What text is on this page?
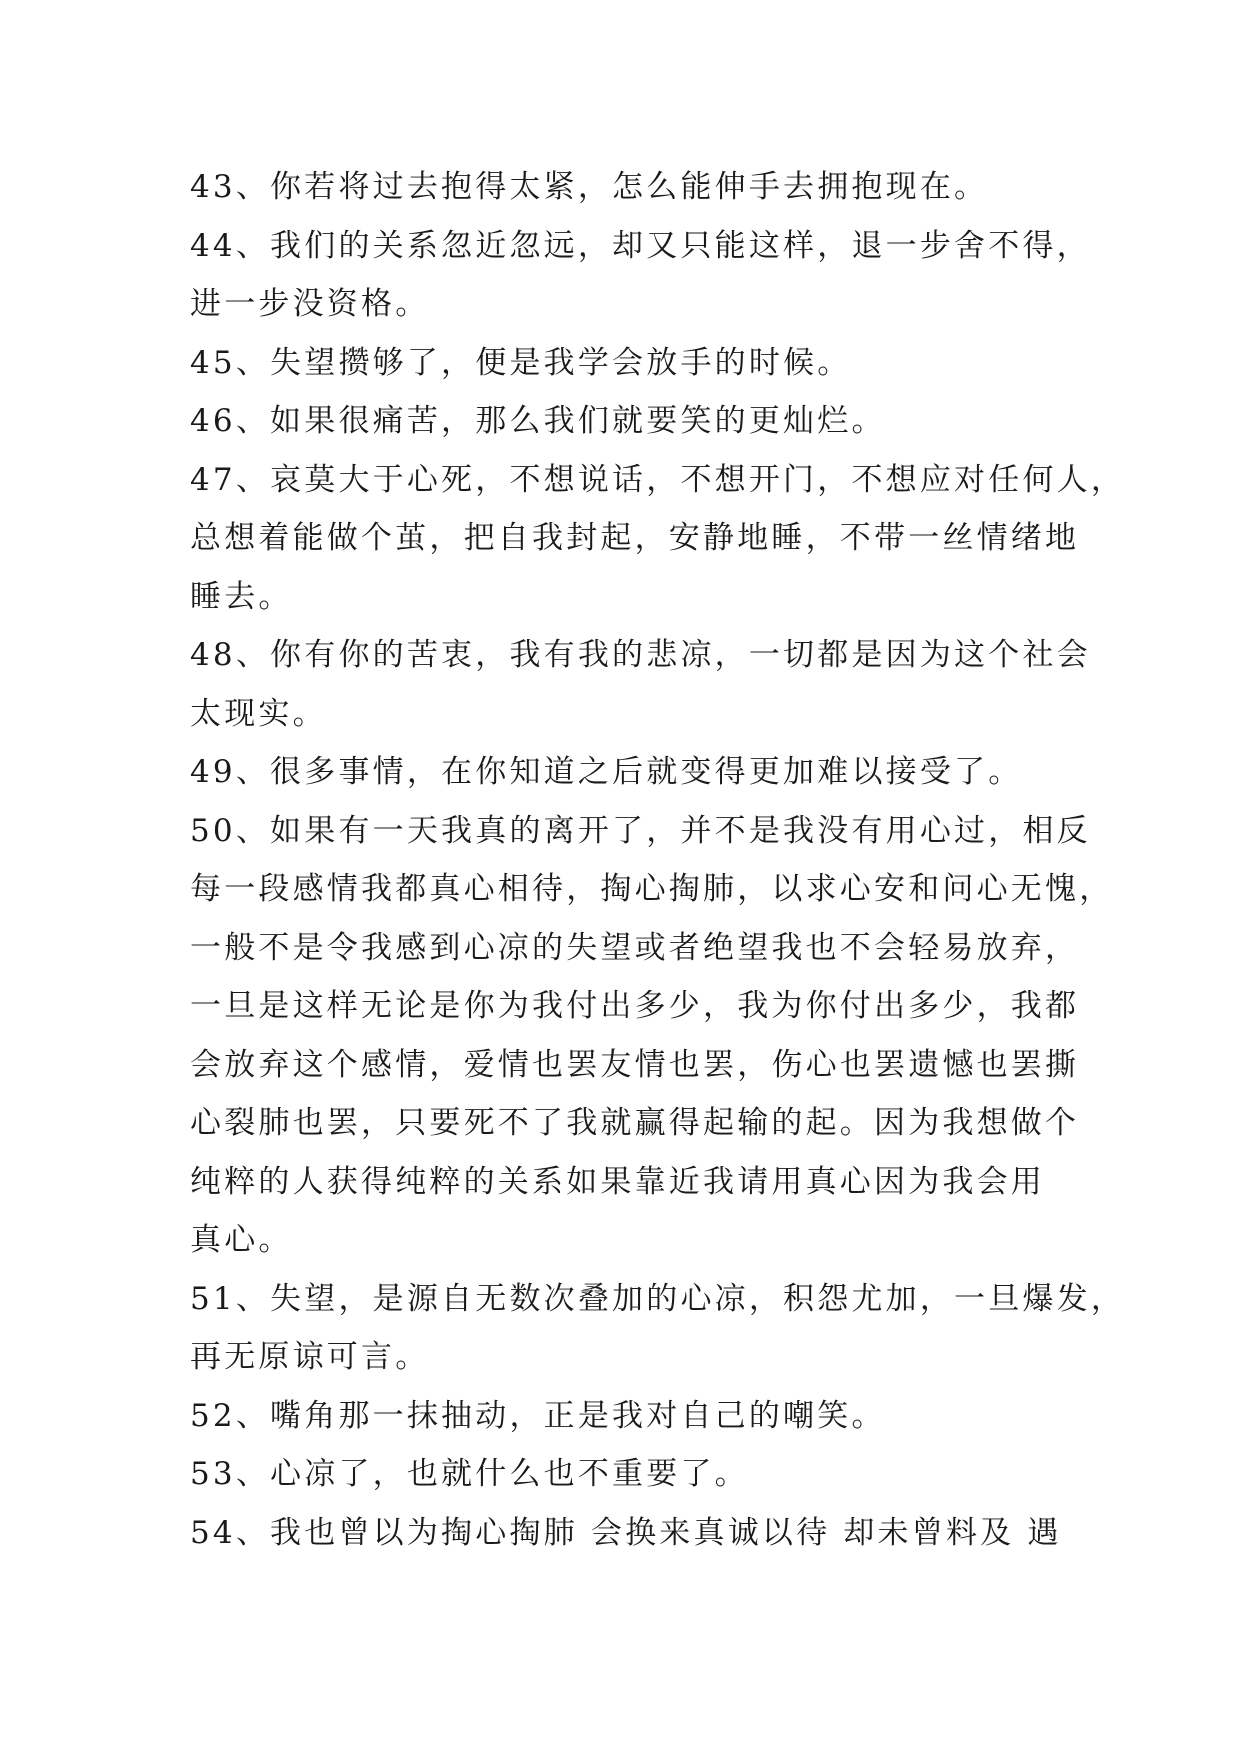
43、你若将过去抱得太紧，怎么能伸手去拥抱现在。
44、我们的关系忽近忽远，却又只能这样，退一步舍不得，
进一步没资格。
45、失望攒够了，便是我学会放手的时候。
46、如果很痛苦，那么我们就要笑的更灿烂。
47、哀莫大于心死，不想说话，不想开门，不想应对任何人，
总想着能做个茧，把自我封起，安静地睡，不带一丝情绪地
睡去。
48、你有你的苦衷，我有我的悲凉，一切都是因为这个社会
太现实。
49、很多事情，在你知道之后就变得更加难以接受了。
50、如果有一天我真的离开了，并不是我没有用心过，相反
每一段感情我都真心相待，掏心掏肺，以求心安和问心无愧，
一般不是令我感到心凉的失望或者绝望我也不会轻易放弃，
一旦是这样无论是你为我付出多少，我为你付出多少，我都
会放弃这个感情，爱情也罢友情也罢，伤心也罢遗憾也罢撕
心裂肺也罢，只要死不了我就赢得起输的起。因为我想做个
纯粹的人获得纯粹的关系如果靠近我请用真心因为我会用
真心。
51、失望，是源自无数次叠加的心凉，积怨尤加，一旦爆发，
再无原谅可言。
52、嘴角那一抹抽动，正是我对自己的嘲笑。
53、心凉了，也就什么也不重要了。
54、我也曾以为掏心掏肺 会换来真诚以待 却未曾料及 遇
